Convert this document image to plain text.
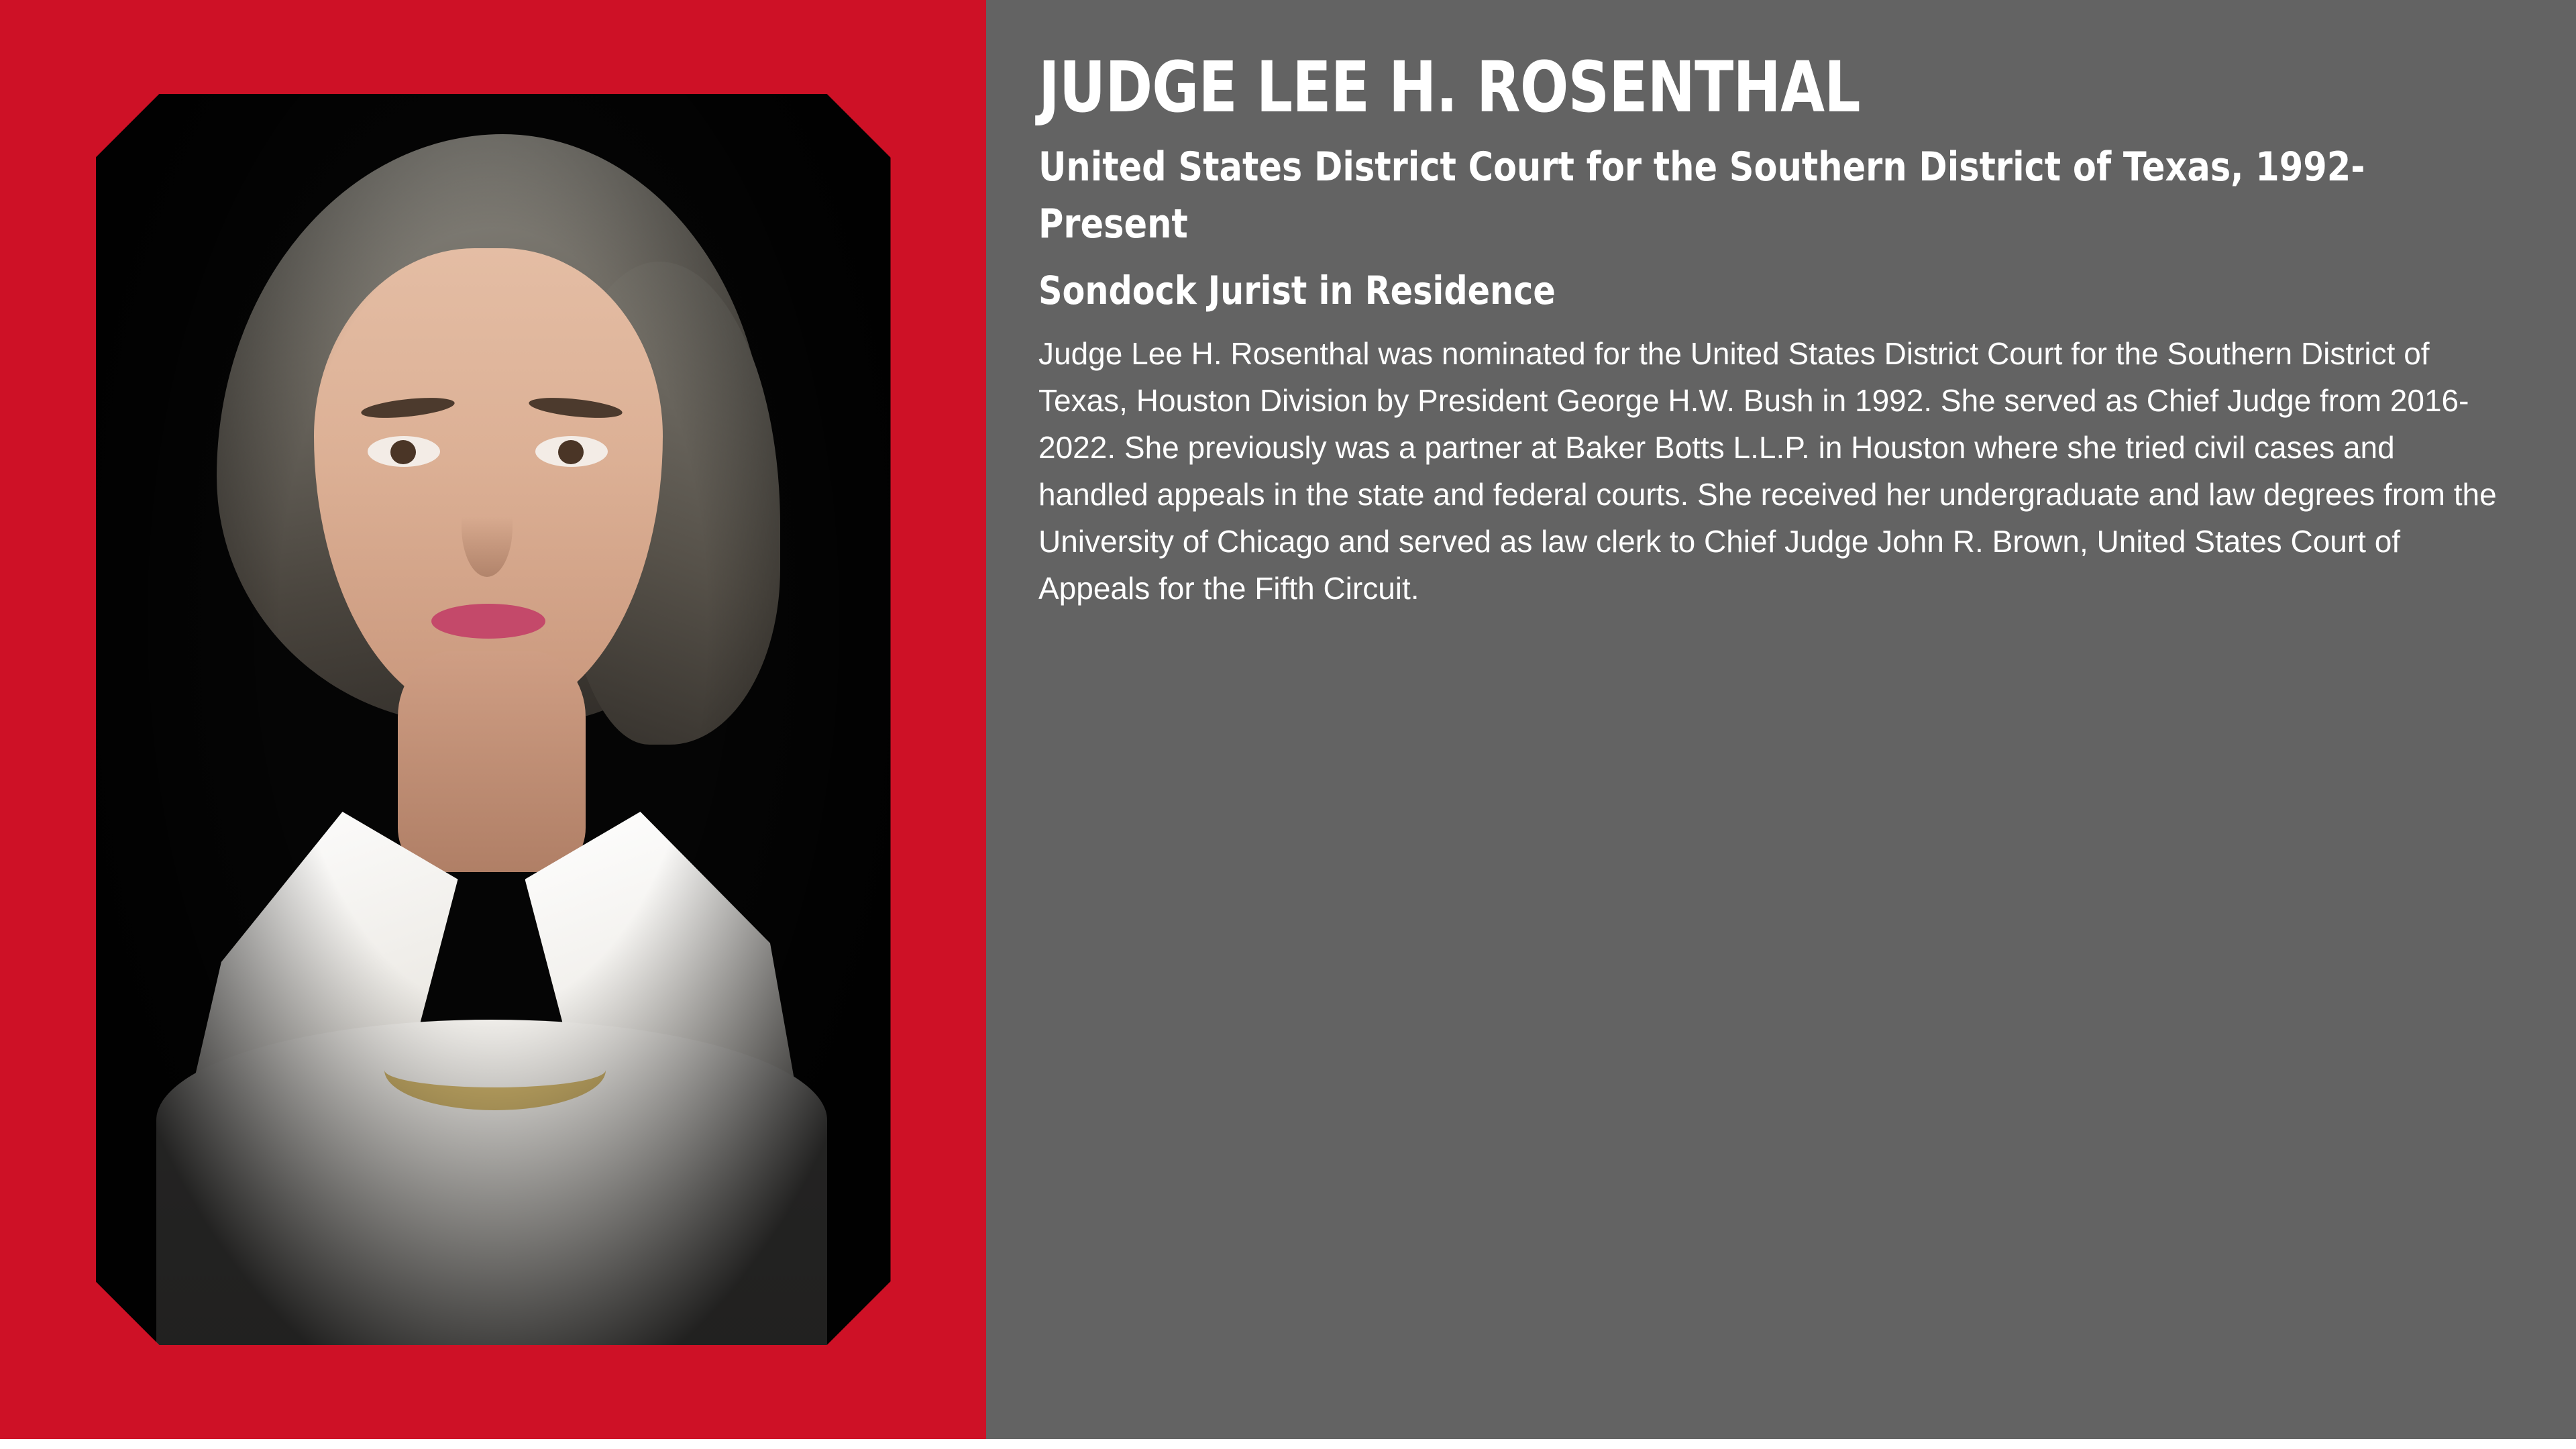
JUDGE LEE H. ROSENTHAL
United States District Court for the Southern District of Texas, 1992-Present
Sondock Jurist in Residence

Judge Lee H. Rosenthal was nominated for the United States District Court for the Southern District of Texas, Houston Division by President George H.W. Bush in 1992. She served as Chief Judge from 2016-2022. She previously was a partner at Baker Botts L.L.P. in Houston where she tried civil cases and handled appeals in the state and federal courts. She received her undergraduate and law degrees from the University of Chicago and served as law clerk to Chief Judge John R. Brown, United States Court of Appeals for the Fifth Circuit.
